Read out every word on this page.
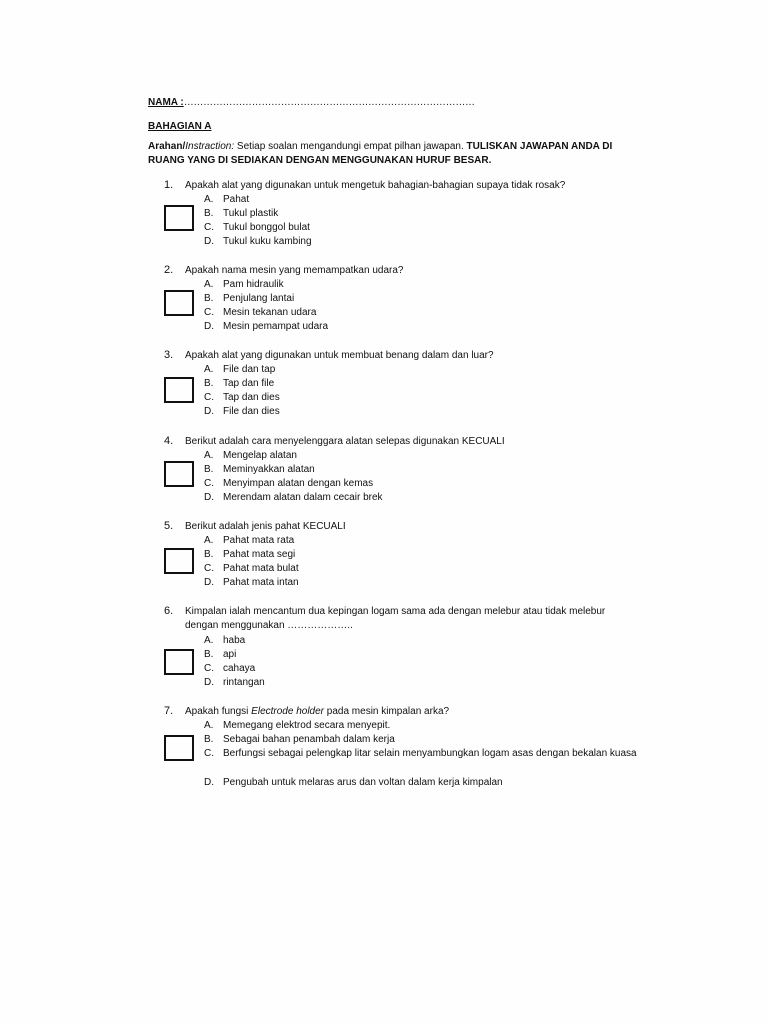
NAMA :………………………………………………………………………………
BAHAGIAN A
Arahan/Instraction: Setiap soalan mengandungi empat pilhan jawapan. TULISKAN JAWAPAN ANDA DI RUANG YANG DI SEDIAKAN DENGAN MENGGUNAKAN HURUF BESAR.
1. Apakah alat yang digunakan untuk mengetuk bahagian-bahagian supaya tidak rosak?
A. Pahat
B. Tukul plastik
C. Tukul bonggol bulat
D. Tukul kuku kambing
2. Apakah nama mesin yang memampatkan udara?
A. Pam hidraulik
B. Penjulang lantai
C. Mesin tekanan udara
D. Mesin pemampat udara
3. Apakah alat yang digunakan untuk membuat benang dalam dan luar?
A. File dan tap
B. Tap dan file
C. Tap dan dies
D. File dan dies
4. Berikut adalah cara menyelenggara alatan selepas digunakan KECUALI
A. Mengelap alatan
B. Meminyakkan alatan
C. Menyimpan alatan dengan kemas
D. Merendam alatan dalam cecair brek
5. Berikut adalah jenis pahat KECUALI
A. Pahat mata rata
B. Pahat mata segi
C. Pahat mata bulat
D. Pahat mata intan
6. Kimpalan ialah mencantum dua kepingan logam sama ada dengan melebur atau tidak melebur dengan menggunakan ………………..
A. haba
B. api
C. cahaya
D. rintangan
7. Apakah fungsi Electrode holder pada mesin kimpalan arka?
A. Memegang elektrod secara menyepit.
B. Sebagai bahan penambah dalam kerja
C. Berfungsi sebagai pelengkap litar selain menyambungkan logam asas dengan bekalan kuasa
D. Pengubah untuk melaras arus dan voltan dalam kerja kimpalan
